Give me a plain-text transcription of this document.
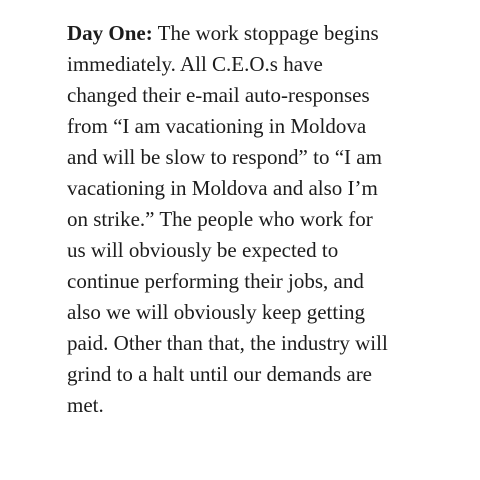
Day One: The work stoppage begins
immediately. All C.E.O.s have
changed their e-mail auto-responses
from “I am vacationing in Moldova
and will be slow to respond” to “I am
vacationing in Moldova and also I’m
on strike.” The people who work for
us will obviously be expected to
continue performing their jobs, and
also we will obviously keep getting
paid. Other than that, the industry will
grind to a halt until our demands are
met.
